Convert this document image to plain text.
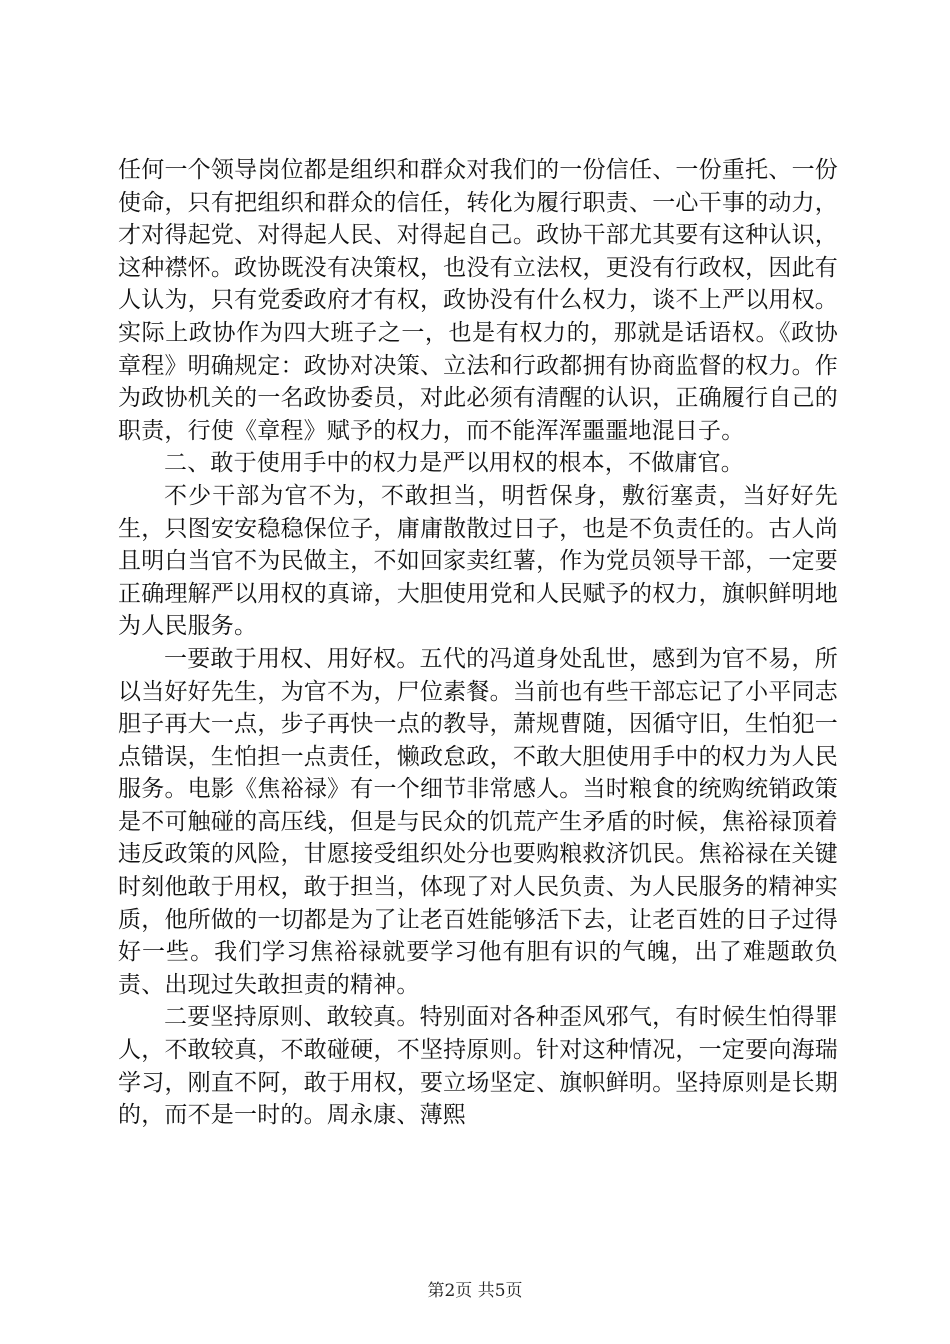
任何一个领导岗位都是组织和群众对我们的一份信任、一份重托、一份使命，只有把组织和群众的信任，转化为履行职责、一心干事的动力，才对得起党、对得起人民、对得起自己。政协干部尤其要有这种认识，这种襟怀。政协既没有决策权，也没有立法权，更没有行政权，因此有人认为，只有党委政府才有权，政协没有什么权力，谈不上严以用权。实际上政协作为四大班子之一，也是有权力的，那就是话语权。《政协章程》明确规定：政协对决策、立法和行政都拥有协商监督的权力。作为政协机关的一名政协委员，对此必须有清醒的认识，正确履行自己的职责，行使《章程》赋予的权力，而不能浑浑噩噩地混日子。

二、敢于使用手中的权力是严以用权的根本，不做庸官。

不少干部为官不为，不敢担当，明哲保身，敷衍塞责，当好好先生，只图安安稳稳保位子，庸庸散散过日子，也是不负责任的。古人尚且明白当官不为民做主，不如回家卖红薯，作为党员领导干部，一定要正确理解严以用权的真谛，大胆使用党和人民赋予的权力，旗帜鲜明地为人民服务。

一要敢于用权、用好权。五代的冯道身处乱世，感到为官不易，所以当好好先生，为官不为，尸位素餐。当前也有些干部忘记了小平同志胆子再大一点，步子再快一点的教导，萧规曹随，因循守旧，生怕犯一点错误，生怕担一点责任，懒政怠政，不敢大胆使用手中的权力为人民服务。电影《焦裕禄》有一个细节非常感人。当时粮食的统购统销政策是不可触碰的高压线，但是与民众的饥荒产生矛盾的时候，焦裕禄顶着违反政策的风险，甘愿接受组织处分也要购粮救济饥民。焦裕禄在关键时刻他敢于用权，敢于担当，体现了对人民负责、为人民服务的精神实质，他所做的一切都是为了让老百姓能够活下去，让老百姓的日子过得好一些。我们学习焦裕禄就要学习他有胆有识的气魄，出了难题敢负责、出现过失敢担责的精神。

二要坚持原则、敢较真。特别面对各种歪风邪气，有时候生怕得罪人，不敢较真，不敢碰硬，不坚持原则。针对这种情况，一定要向海瑞学习，刚直不阿，敢于用权，要立场坚定、旗帜鲜明。坚持原则是长期的，而不是一时的。周永康、薄熙

第2页 共5页
